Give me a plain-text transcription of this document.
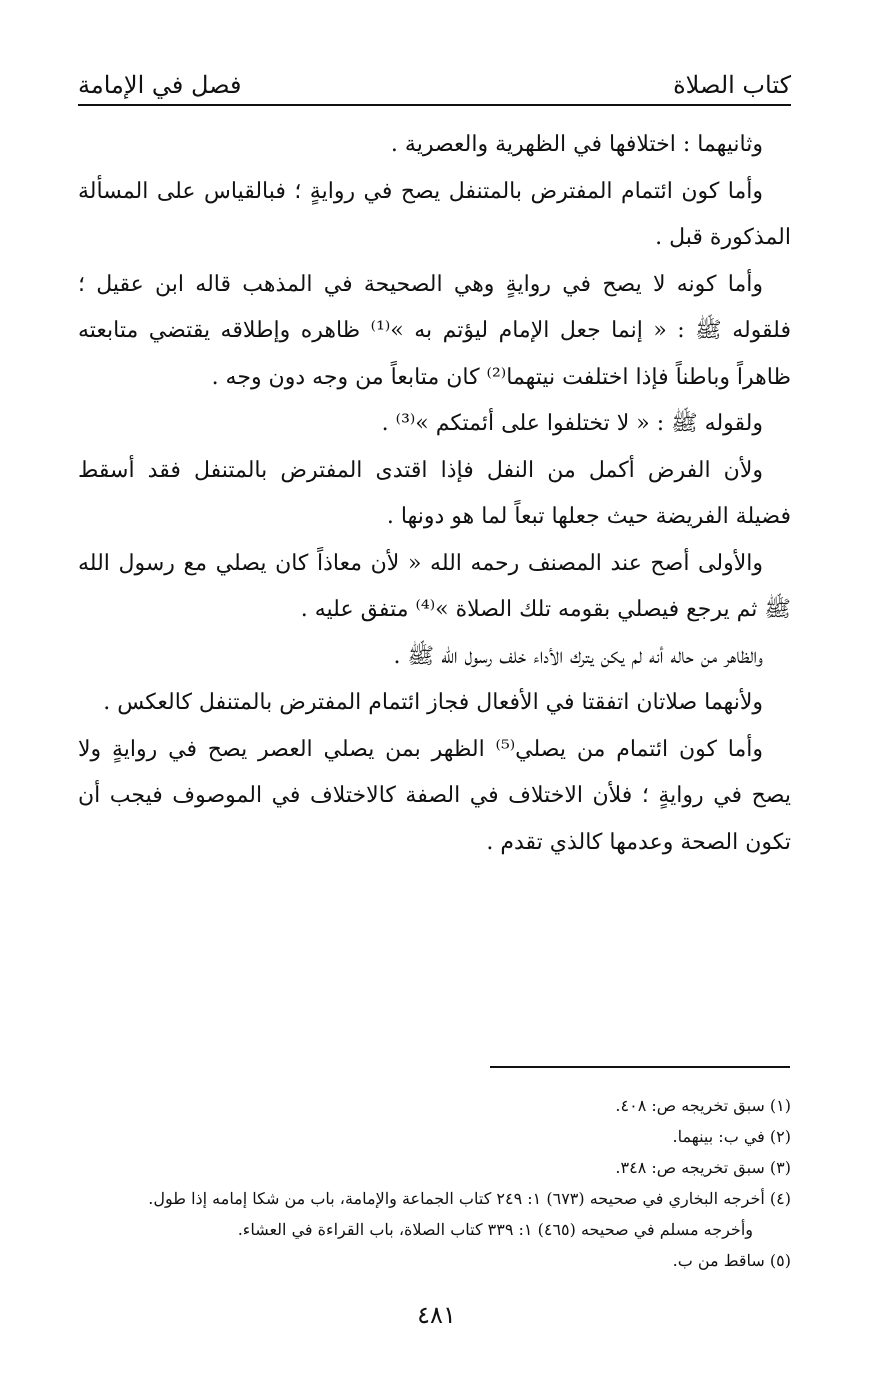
كتاب الصلاة
فصل في الإمامة

وثانيهما : اختلافها في الظهرية والعصرية .

وأما كون ائتمام المفترض بالمتنفل يصح في روايةٍ ؛ فبالقياس على المسألة المذكورة قبل .

وأما كونه لا يصح في روايةٍ وهي الصحيحة في المذهب قاله ابن عقيل ؛ فلقوله ﷺ : « إنما جعل الإمام ليؤتم به »⁽¹⁾ ظاهره وإطلاقه يقتضي متابعته ظاهراً وباطناً فإذا اختلفت نيتهما⁽²⁾ كان متابعاً من وجه دون وجه .

ولقوله ﷺ : « لا تختلفوا على أئمتكم »⁽³⁾ .

ولأن الفرض أكمل من النفل فإذا اقتدى المفترض بالمتنفل فقد أسقط فضيلة الفريضة حيث جعلها تبعاً لما هو دونها .

والأولى أصح عند المصنف رحمه الله « لأن معاذاً كان يصلي مع رسول الله ﷺ ثم يرجع فيصلي بقومه تلك الصلاة »⁽⁴⁾ متفق عليه .

والظاهر من حاله أنه لم يكن يترك الأداء خلف رسول الله ﷺ .

ولأنهما صلاتان اتفقتا في الأفعال فجاز ائتمام المفترض بالمتنفل كالعكس .

وأما كون ائتمام من يصلي⁽⁵⁾ الظهر بمن يصلي العصر يصح في روايةٍ ولا يصح في روايةٍ ؛ فلأن الاختلاف في الصفة كالاختلاف في الموصوف فيجب أن تكون الصحة وعدمها كالذي تقدم .

(١) سبق تخريجه ص: ٤٠٨.

(٢) في ب: بينهما.

(٣) سبق تخريجه ص: ٣٤٨.

(٤) أخرجه البخاري في صحيحه (٦٧٣) ١: ٢٤٩ كتاب الجماعة والإمامة، باب من شكا إمامه إذا طول.

وأخرجه مسلم في صحيحه (٤٦٥) ١: ٣٣٩ كتاب الصلاة، باب القراءة في العشاء.

(٥) ساقط من ب.

٤٨١
